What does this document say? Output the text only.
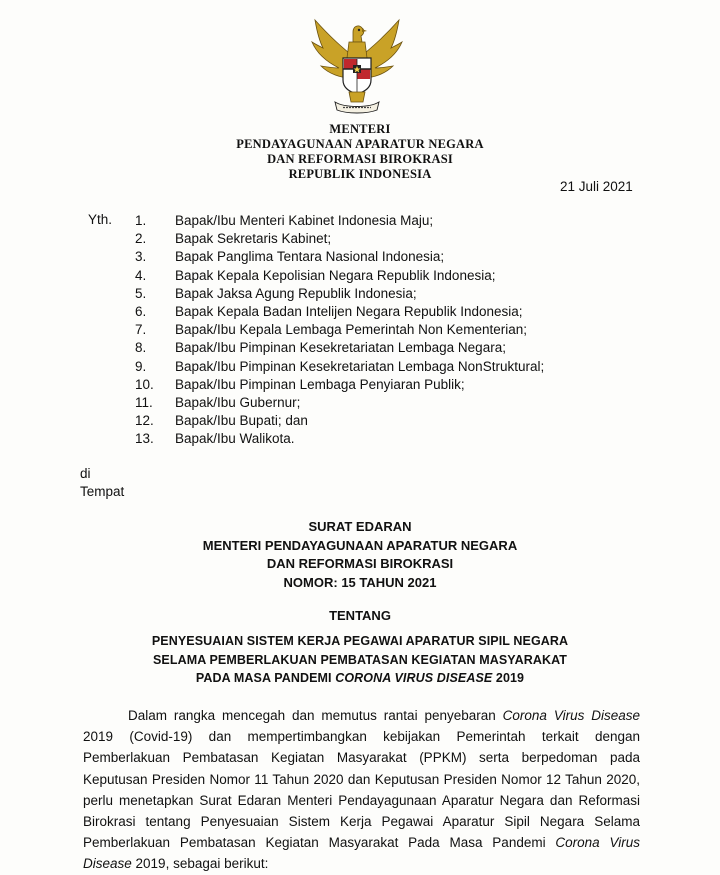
MENTERI
PENDAYAGUNAAN APARATUR NEGARA
DAN REFORMASI BIROKRASI
REPUBLIK INDONESIA
21 Juli 2021
Yth. 1.	Bapak/Ibu Menteri Kabinet Indonesia Maju;
2.	Bapak Sekretaris Kabinet;
3.	Bapak Panglima Tentara Nasional Indonesia;
4.	Bapak Kepala Kepolisian Negara Republik Indonesia;
5.	Bapak Jaksa Agung Republik Indonesia;
6.	Bapak Kepala Badan Intelijen Negara Republik Indonesia;
7.	Bapak/Ibu Kepala Lembaga Pemerintah Non Kementerian;
8.	Bapak/Ibu Pimpinan Kesekretariatan Lembaga Negara;
9.	Bapak/Ibu Pimpinan Kesekretariatan Lembaga NonStruktural;
10.	Bapak/Ibu Pimpinan Lembaga Penyiaran Publik;
11.	Bapak/Ibu Gubernur;
12.	Bapak/Ibu Bupati; dan
13.	Bapak/Ibu Walikota.
di
Tempat
SURAT EDARAN
MENTERI PENDAYAGUNAAN APARATUR NEGARA
DAN REFORMASI BIROKRASI
NOMOR: 15 TAHUN 2021
TENTANG
PENYESUAIAN SISTEM KERJA PEGAWAI APARATUR SIPIL NEGARA
SELAMA PEMBERLAKUAN PEMBATASAN KEGIATAN MASYARAKAT
PADA MASA PANDEMI CORONA VIRUS DISEASE 2019

Dalam rangka mencegah dan memutus rantai penyebaran Corona Virus Disease 2019 (Covid-19) dan mempertimbangkan kebijakan Pemerintah terkait dengan Pemberlakuan Pembatasan Kegiatan Masyarakat (PPKM) serta berpedoman pada Keputusan Presiden Nomor 11 Tahun 2020 dan Keputusan Presiden Nomor 12 Tahun 2020, perlu menetapkan Surat Edaran Menteri Pendayagunaan Aparatur Negara dan Reformasi Birokrasi tentang Penyesuaian Sistem Kerja Pegawai Aparatur Sipil Negara Selama Pemberlakuan Pembatasan Kegiatan Masyarakat Pada Masa Pandemi Corona Virus Disease 2019, sebagai berikut:
